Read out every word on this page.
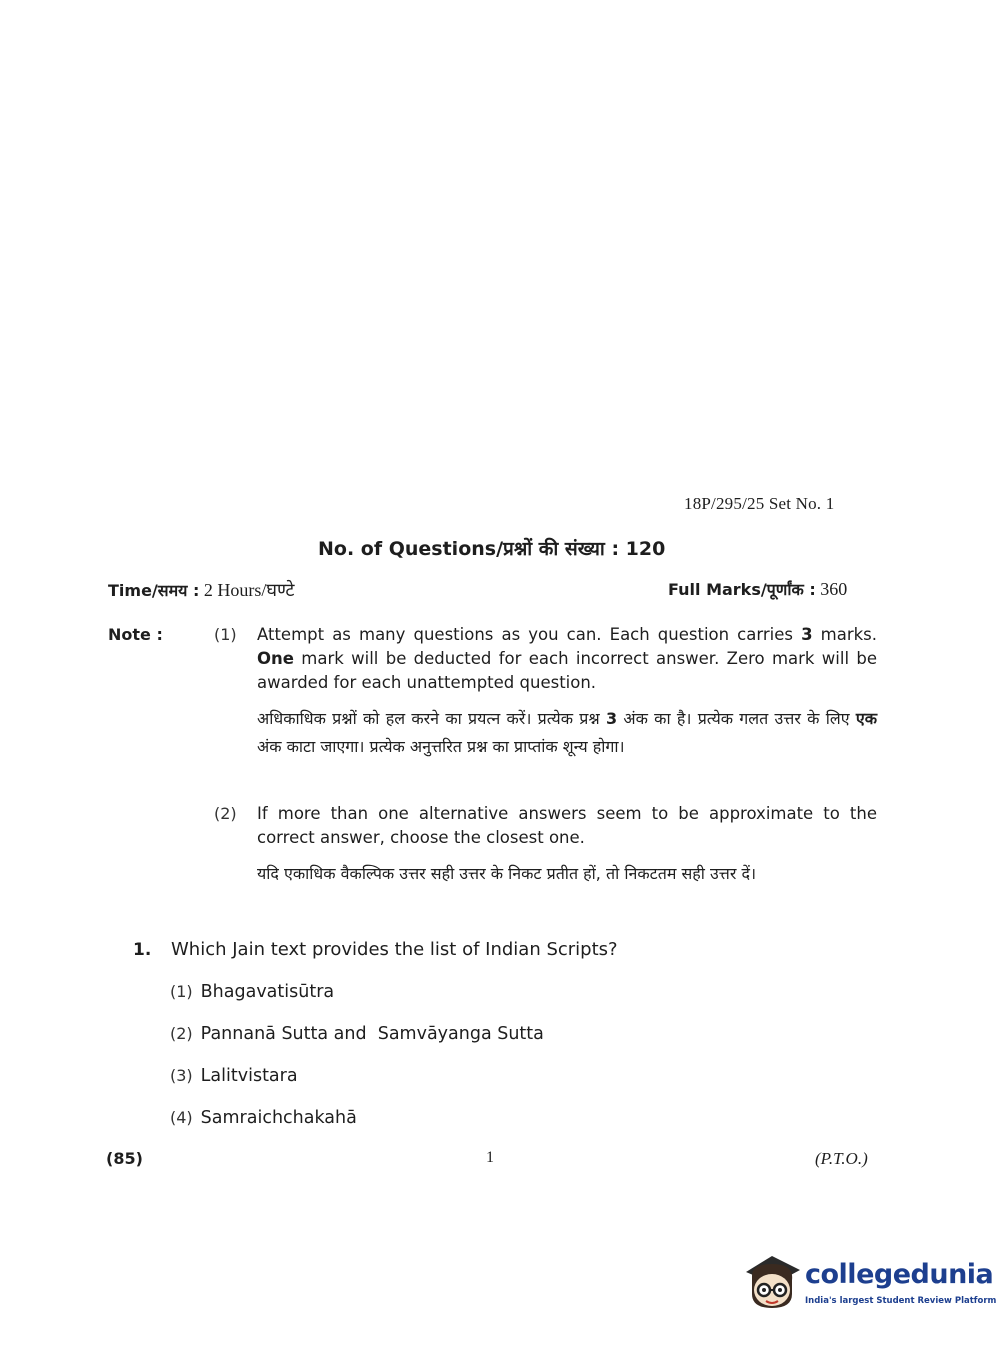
18P/295/25 Set No. 1
No. of Questions/प्रश्नों की संख्या : 120
Time/समय : 2 Hours/घण्टे	Full Marks/पूर्णांक : 360
Note :	(1) Attempt as many questions as you can. Each question carries 3 marks. One mark will be deducted for each incorrect answer. Zero mark will be awarded for each unattempted question.
अधिकाधिक प्रश्नों को हल करने का प्रयत्न करें। प्रत्येक प्रश्न 3 अंक का है। प्रत्येक गलत उत्तर के लिए एक अंक काटा जाएगा। प्रत्येक अनुत्तरित प्रश्न का प्राप्तांक शून्य होगा।
(2) If more than one alternative answers seem to be approximate to the correct answer, choose the closest one.
यदि एकाधिक वैकल्पिक उत्तर सही उत्तर के निकट प्रतीत हों, तो निकटतम सही उत्तर दें।
1. Which Jain text provides the list of Indian Scripts?
(1) Bhagavatisūtra
(2) Pannanā Sutta and  Samvāyanga Sutta
(3) Lalitvistara
(4) Samraichchakahā
(85)	1	(P.T.O.)
collegedunia
India's largest Student Review Platform
